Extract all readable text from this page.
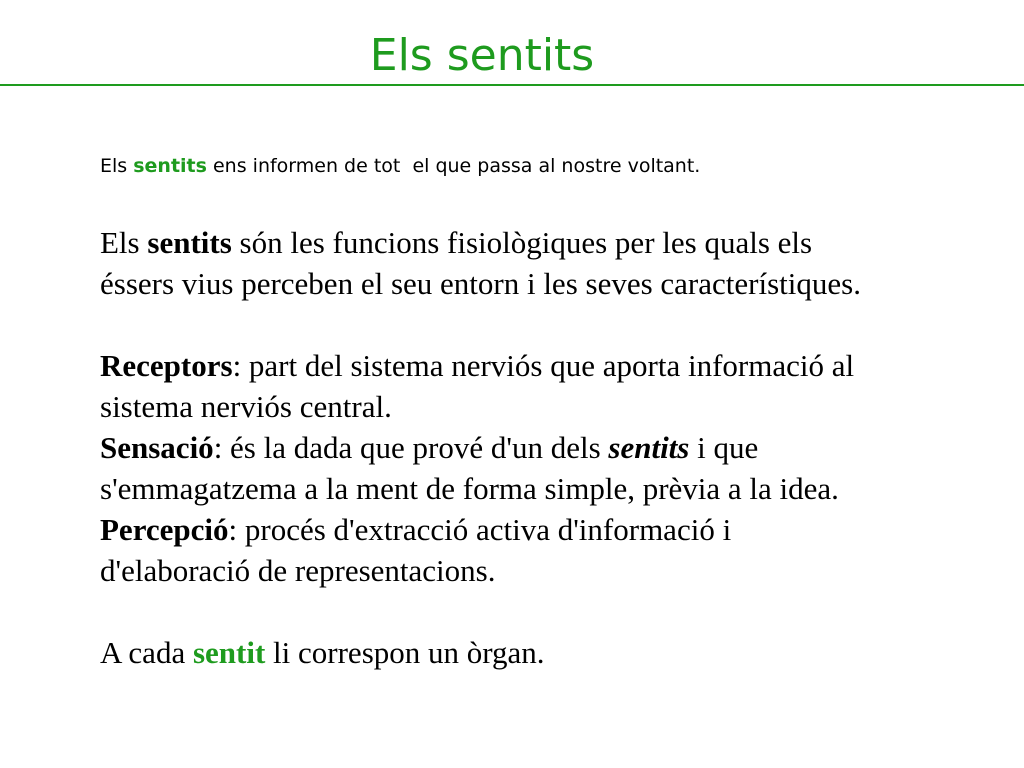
Els sentits
Els sentits ens informen de tot  el que passa al nostre voltant.

Els sentits són les funcions fisiològiques per les quals els

éssers vius perceben el seu entorn i les seves característiques.

Receptors: part del sistema nerviós que aporta informació al

sistema nerviós central.

Sensació: és la dada que prové d'un dels sentits i que

s'emmagatzema a la ment de forma simple, prèvia a la idea.

Percepció: procés d'extracció activa d'informació i

d'elaboració de representacions.

A cada sentit li correspon un òrgan.
